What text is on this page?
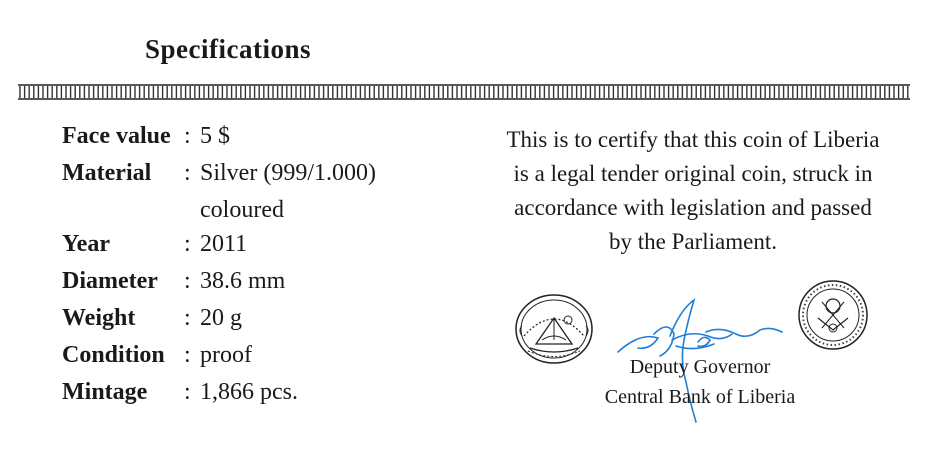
Specifications
Face value : 5 $
Material	: Silver (999/1.000)
coloured
Year	: 2011
Diameter	: 38.6 mm
Weight	: 20 g
Condition : proof
Mintage	: 1,866 pcs.
This is to certify that this coin of Liberia
is a legal tender original coin, struck in
accordance with legislation and passed
by the Parliament.
Deputy Governor
Central Bank of Liberia
